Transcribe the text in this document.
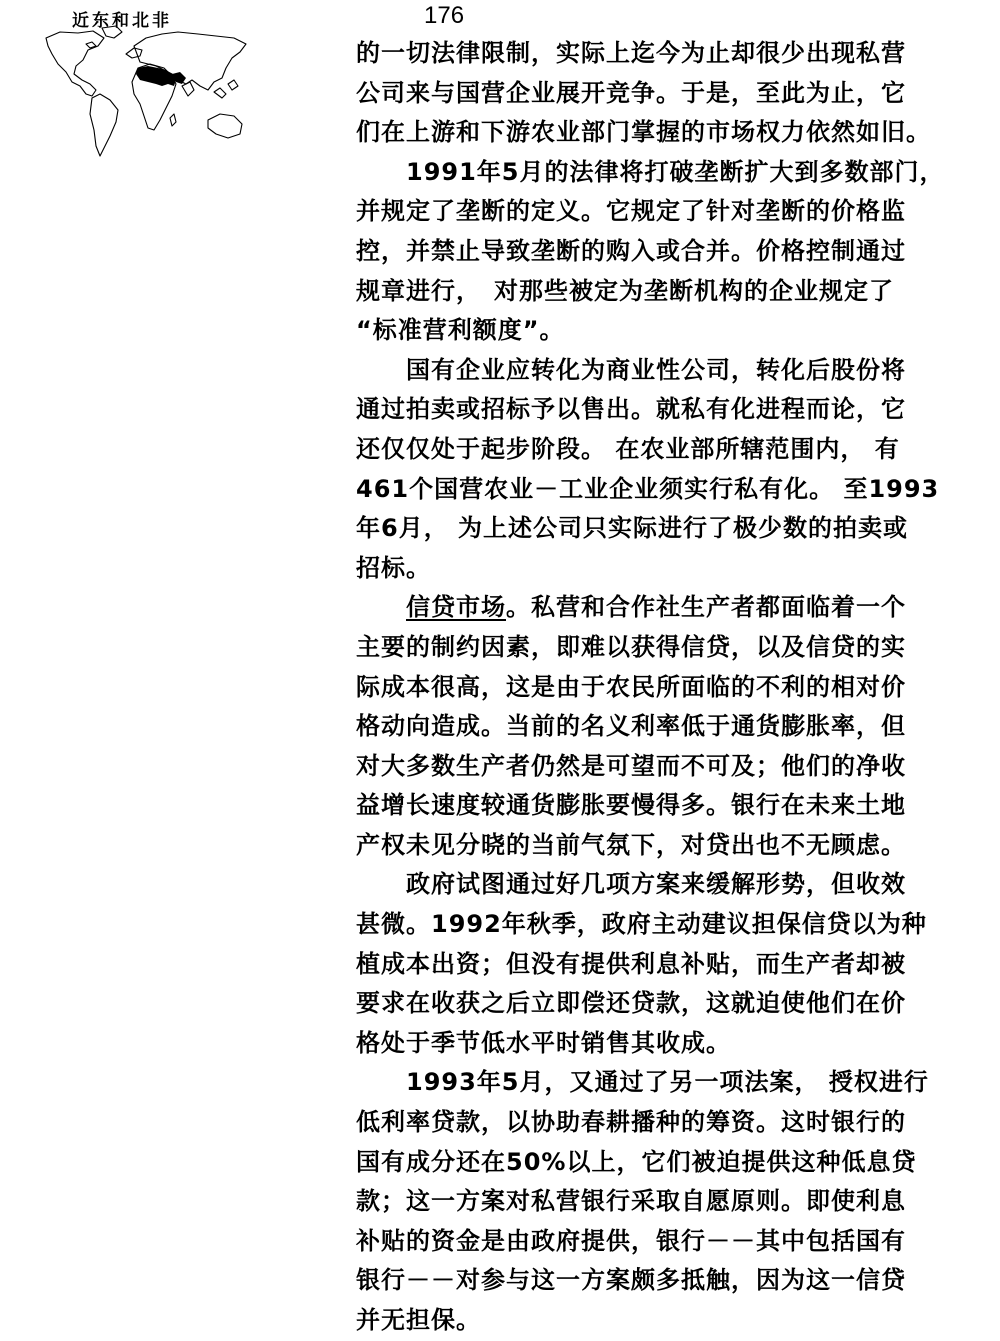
近东和北非	176
的一切法律限制，实际上迄今为止却很少出现私营
公司来与国营企业展开竞争。于是，至此为止，它
们在上游和下游农业部门掌握的市场权力依然如旧。
　　1991年5月的法律将打破垄断扩大到多数部门，
并规定了垄断的定义。它规定了针对垄断的价格监
控，并禁止导致垄断的购入或合并。价格控制通过
规章进行，　对那些被定为垄断机构的企业规定了
“标准营利额度”。
　　国有企业应转化为商业性公司，转化后股份将
通过拍卖或招标予以售出。就私有化进程而论，它
还仅仅处于起步阶段。 在农业部所辖范围内， 有
461个国营农业－工业企业须实行私有化。 至1993
年6月， 为上述公司只实际进行了极少数的拍卖或
招标。
　　信贷市场。私营和合作社生产者都面临着一个
主要的制约因素，即难以获得信贷，以及信贷的实
际成本很高，这是由于农民所面临的不利的相对价
格动向造成。当前的名义利率低于通货膨胀率，但
对大多数生产者仍然是可望而不可及；他们的净收
益增长速度较通货膨胀要慢得多。银行在未来土地
产权未见分晓的当前气氛下，对贷出也不无顾虑。
　　政府试图通过好几项方案来缓解形势，但收效
甚微。1992年秋季，政府主动建议担保信贷以为种
植成本出资；但没有提供利息补贴，而生产者却被
要求在收获之后立即偿还贷款，这就迫使他们在价
格处于季节低水平时销售其收成。
　　1993年5月，又通过了另一项法案， 授权进行
低利率贷款，以协助春耕播种的筹资。这时银行的
国有成分还在50%以上，它们被迫提供这种低息贷
款；这一方案对私营银行采取自愿原则。即使利息
补贴的资金是由政府提供，银行－－其中包括国有
银行－－对参与这一方案颇多抵触，因为这一信贷
并无担保。
